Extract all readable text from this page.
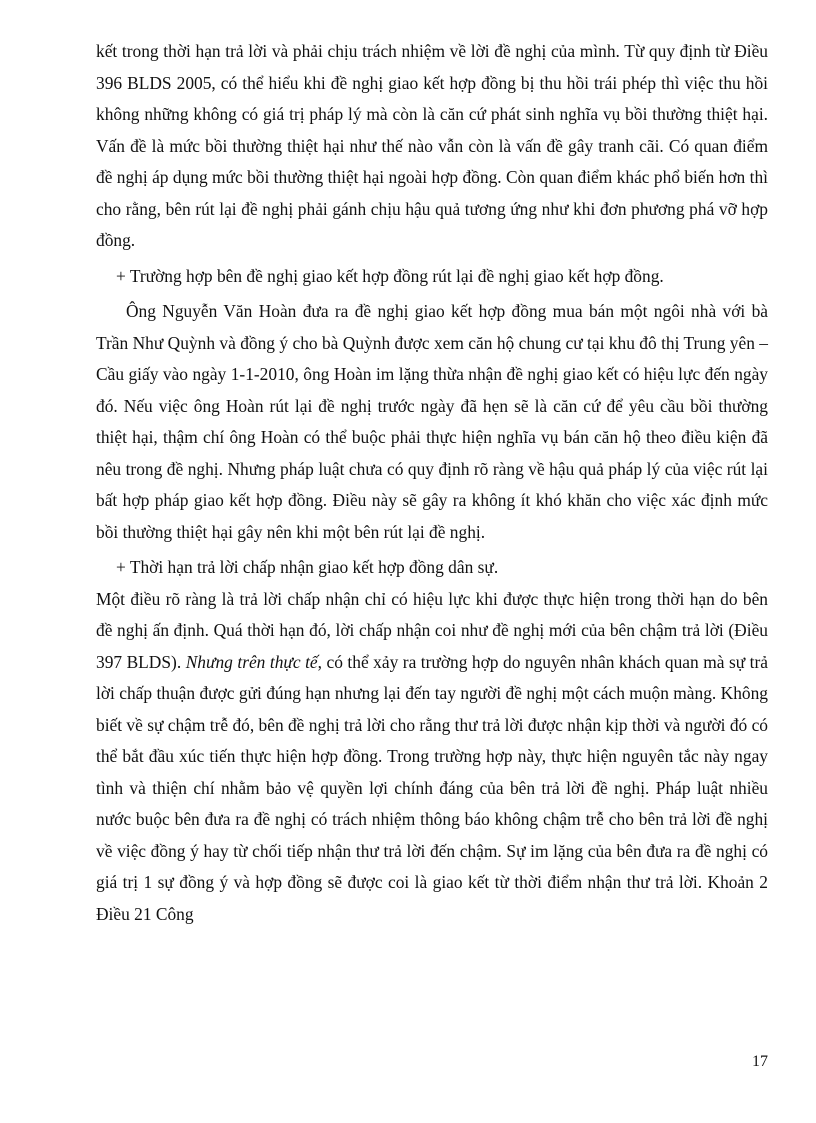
kết trong thời hạn trả lời và phải chịu trách nhiệm về lời đề nghị của mình. Từ quy định từ Điều 396 BLDS 2005, có thể hiểu khi đề nghị giao kết hợp đồng bị thu hồi trái phép thì việc thu hồi không những không có giá trị pháp lý mà còn là căn cứ phát sinh nghĩa vụ bồi thường thiệt hại. Vấn đề là mức bồi thường thiệt hại như thế nào vẫn còn là vấn đề gây tranh cãi. Có quan điểm đề nghị áp dụng mức bồi thường thiệt hại ngoài hợp đồng. Còn quan điểm khác phổ biến hơn thì cho rằng, bên rút lại đề nghị phải gánh chịu hậu quả tương ứng như khi đơn phương phá vỡ hợp đồng.

+ Trường hợp bên đề nghị giao kết hợp đồng rút lại đề nghị giao kết hợp đồng.

Ông Nguyễn Văn Hoàn đưa ra đề nghị giao kết hợp đồng mua bán một ngôi nhà với bà Trần Như Quỳnh và đồng ý cho bà Quỳnh được xem căn hộ chung cư tại khu đô thị Trung yên – Cầu giấy vào ngày 1-1-2010, ông Hoàn im lặng thừa nhận đề nghị giao kết có hiệu lực đến ngày đó. Nếu việc ông Hoàn rút lại đề nghị trước ngày đã hẹn sẽ là căn cứ để yêu cầu bồi thường thiệt hại, thậm chí ông Hoàn có thể buộc phải thực hiện nghĩa vụ bán căn hộ theo điều kiện đã nêu trong đề nghị. Nhưng pháp luật chưa có quy định rõ ràng về hậu quả pháp lý của việc rút lại bất hợp pháp giao kết hợp đồng. Điều này sẽ gây ra không ít khó khăn cho việc xác định mức bồi thường thiệt hại gây nên khi một bên rút lại đề nghị.

+ Thời hạn trả lời chấp nhận giao kết hợp đồng dân sự.

Một điều rõ ràng là trả lời chấp nhận chỉ có hiệu lực khi được thực hiện trong thời hạn do bên đề nghị ấn định. Quá thời hạn đó, lời chấp nhận coi như đề nghị mới của bên chậm trả lời (Điều 397 BLDS). Nhưng trên thực tế, có thể xảy ra trường hợp do nguyên nhân khách quan mà sự trả lời chấp thuận được gửi đúng hạn nhưng lại đến tay người đề nghị một cách muộn màng. Không biết về sự chậm trễ đó, bên đề nghị trả lời cho rằng thư trả lời được nhận kịp thời và người đó có thể bắt đầu xúc tiến thực hiện hợp đồng. Trong trường hợp này, thực hiện nguyên tắc này ngay tình và thiện chí nhằm bảo vệ quyền lợi chính đáng của bên trả lời đề nghị. Pháp luật nhiều nước buộc bên đưa ra đề nghị có trách nhiệm thông báo không chậm trễ cho bên trả lời đề nghị về việc đồng ý hay từ chối tiếp nhận thư trả lời đến chậm. Sự im lặng của bên đưa ra đề nghị có giá trị 1 sự đồng ý và hợp đồng sẽ được coi là giao kết từ thời điểm nhận thư trả lời. Khoản 2 Điều 21 Công

17
